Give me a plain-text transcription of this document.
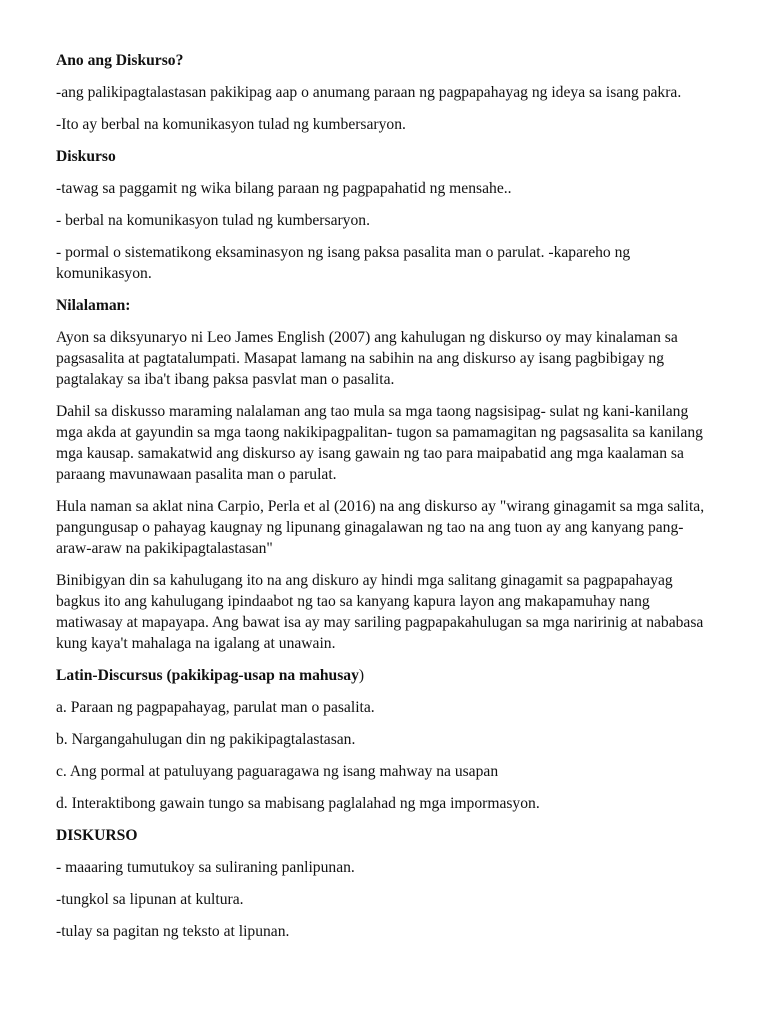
Ano ang Diskurso?
-ang palikipagtalastasan pakikipag aap o anumang paraan ng pagpapahayag ng ideya sa isang pakra.
-Ito ay berbal na komunikasyon tulad ng kumbersaryon.
Diskurso
-tawag sa paggamit ng wika bilang paraan ng pagpapahatid ng mensahe..
- berbal na komunikasyon tulad ng kumbersaryon.
- pormal o sistematikong eksaminasyon ng isang paksa pasalita man o parulat. -kapareho ng komunikasyon.
Nilalaman:
Ayon sa diksyunaryo ni Leo James English (2007) ang kahulugan ng diskurso oy may kinalaman sa pagsasalita at pagtatalumpati. Masapat lamang na sabihin na ang diskurso ay isang pagbibigay ng pagtalakay sa iba't ibang paksa pasvlat man o pasalita.
Dahil sa diskusso maraming nalalaman ang tao mula sa mga taong nagsisipag- sulat ng kani-kanilang mga akda at gayundin sa mga taong nakikipagpalitan- tugon sa pamamagitan ng pagsasalita sa kanilang mga kausap. samakatwid ang diskurso ay isang gawain ng tao para maipabatid ang mga kaalaman sa paraang mavunawaan pasalita man o parulat.
Hula naman sa aklat nina Carpio, Perla et al (2016) na ang diskurso ay "wirang ginagamit sa mga salita, pangungusap o pahayag kaugnay ng lipunang ginagalawan ng tao na ang tuon ay ang kanyang pang-araw-araw na pakikipagtalastasan"
Binibigyan din sa kahulugang ito na ang diskuro ay hindi mga salitang ginagamit sa pagpapahayag bagkus ito ang kahulugang ipindaabot ng tao sa kanyang kapura layon ang makapamuhay nang matiwasay at mapayapa. Ang bawat isa ay may sariling pagpapakahulugan sa mga naririnig at nababasa kung kaya't mahalaga na igalang at unawain.
Latin-Discursus (pakikipag-usap na mahusay)
a. Paraan ng pagpapahayag, parulat man o pasalita.
b. Nargangahulugan din ng pakikipagtalastasan.
c. Ang pormal at patuluyang paguaragawa ng isang mahway na usapan
d. Interaktibong gawain tungo sa mabisang paglalahad ng mga impormasyon.
DISKURSO
- maaaring tumutukoy sa suliraning panlipunan.
-tungkol sa lipunan at kultura.
-tulay sa pagitan ng teksto at lipunan.
